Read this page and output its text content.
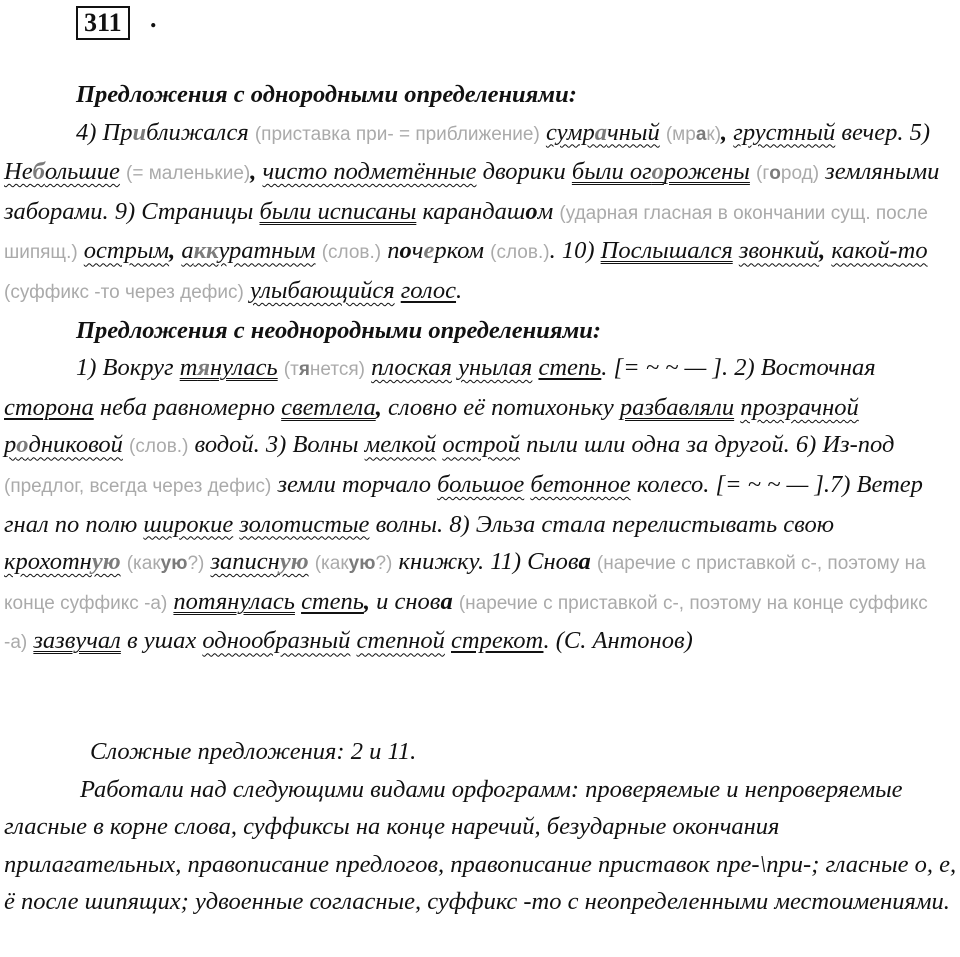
311	.

Предложения с однородными определениями:

4) Приближался (приставка при- = приближение) сумрачный (мрак), грустный вечер. 5) Небольшие (= маленькие), чисто подметённые дворики были огорожены (город) земляными заборами. 9) Страницы были исписаны карандашом (ударная гласная в окончании сущ. после шипящ.) острым, аккуратным (слов.) почерком (слов.). 10) Послышался звонкий, какой-то (суффикс -то через дефис) улыбающийся голос.

Предложения с неоднородными определениями:

1) Вокруг тянулась (тянется) плоская унылая степь. [= ~ ~ — ]. 2) Восточная сторона неба равномерно светлела, словно её потихоньку разбавляли прозрачной родниковой (слов.) водой. 3) Волны мелкой острой пыли шли одна за другой. 6) Из-под (предлог, всегда через дефис) земли торчало большое бетонное колесо. [= ~ ~ — ].7) Ветер гнал по полю широкие золотистые волны. 8) Эльза стала перелистывать свою крохотную (какую?) записную (какую?) книжку. 11) Снова (наречие с приставкой с-, поэтому на конце суффикс -а) потянулась степь, и снова (наречие с приставкой с-, поэтому на конце суффикс -а) зазвучал в ушах однообразный степной стрекот. (С. Антонов)

Сложные предложения: 2 и 11.

Работали над следующими видами орфограмм: проверяемые и непроверяемые гласные в корне слова, суффиксы на конце наречий, безударные окончания прилагательных, правописание предлогов, правописание приставок пре-\при-; гласные о, е, ё после шипящих; удвоенные согласные, суффикс -то с неопределенными местоимениями.
